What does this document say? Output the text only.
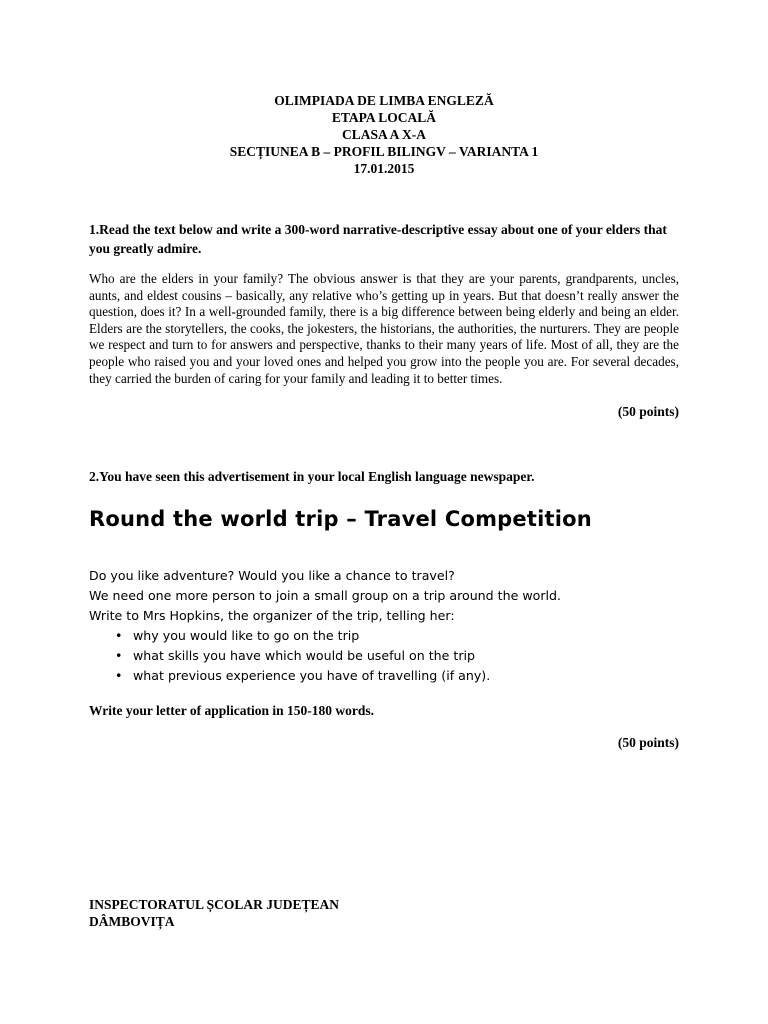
OLIMPIADA DE LIMBA ENGLEZĂ
ETAPA LOCALĂ
CLASA A X-A
SECȚIUNEA B – PROFIL BILINGV – VARIANTA 1
17.01.2015
1.Read the text below and write a 300-word narrative-descriptive essay about one of your elders that you greatly admire.
Who are the elders in your family? The obvious answer is that they are your parents, grandparents, uncles, aunts, and eldest cousins – basically, any relative who’s getting up in years. But that doesn’t really answer the question, does it? In a well-grounded family, there is a big difference between being elderly and being an elder. Elders are the storytellers, the cooks, the jokesters, the historians, the authorities, the nurturers. They are people we respect and turn to for answers and perspective, thanks to their many years of life. Most of all, they are the people who raised you and your loved ones and helped you grow into the people you are. For several decades, they carried the burden of caring for your family and leading it to better times.
(50 points)
2.You have seen this advertisement in your local English language newspaper.
Round the world trip – Travel Competition

Do you like adventure? Would you like a chance to travel?

We need one more person to join a small group on a trip around the world.

Write to Mrs Hopkins, the organizer of the trip, telling her:

• why you would like to go on the trip
• what skills you have which would be useful on the trip
• what previous experience you have of travelling (if any).
Write your letter of application in 150-180 words.
(50 points)
INSPECTORATUL ȘCOLAR JUDEȚEAN
DÂMBOVIȚA
